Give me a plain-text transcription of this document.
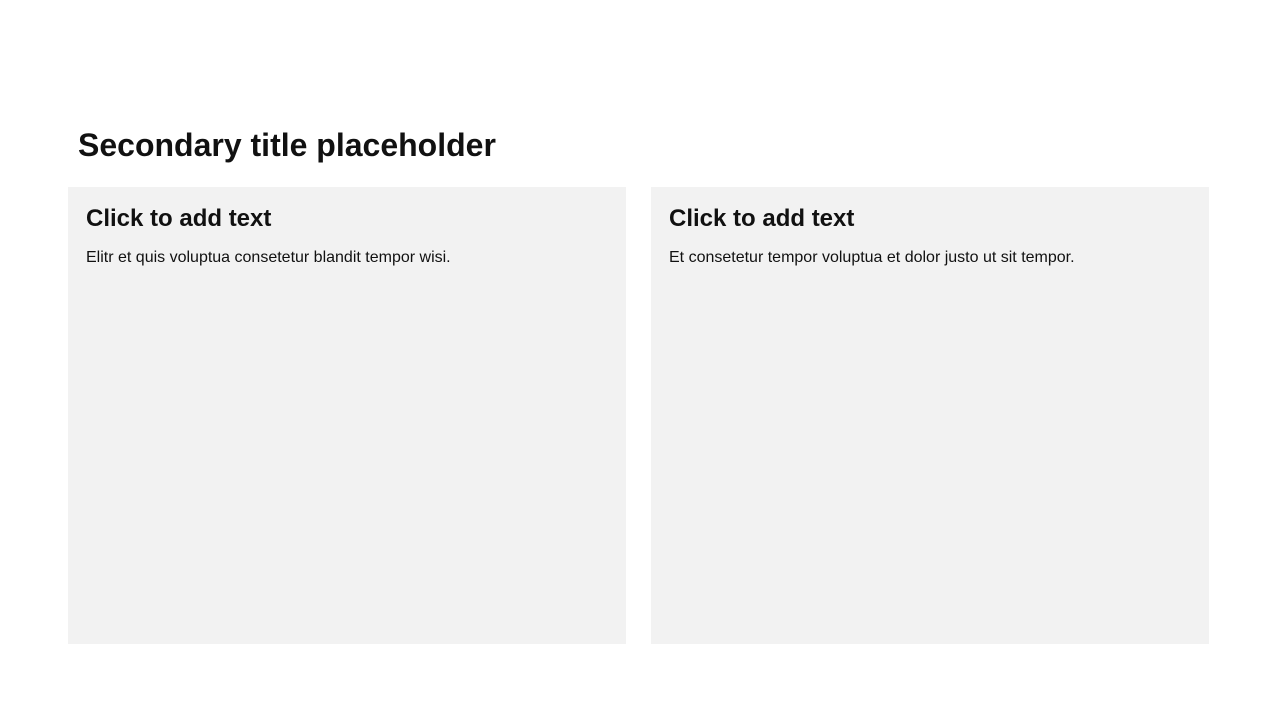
Secondary title placeholder
Click to add text

Elitr et quis voluptua consetetur blandit tempor wisi.

Click to add text

Et consetetur tempor voluptua et dolor justo ut sit tempor.
